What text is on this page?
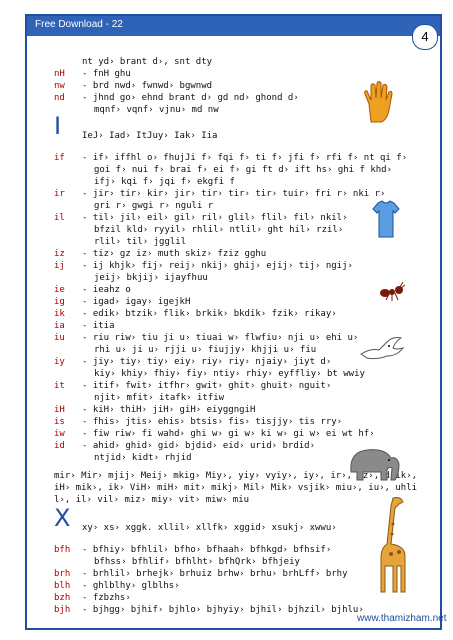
Free Download - 22
4
nt yd› brant d›, snt dty
nH	- fnH ghu
nw	- brd nwd› fwnwd› bgwnwd
nd	- jhnd go› ehnd brant d› gd nd› ghond d›
mqnf› vqnf› vjnu› md nw
I IeJ› Iad› ItJuy› Iak› Iia
if	- if› iffhl o› fhujJi f› fqi f› ti f› jfi f› rfi f› nt qi f›
goi f› nui f› brai f› ei f› gi ft d› ift hs› ghi f khd›
ifj› kqi f› jqi f› ekgfi f
ir	- jir› tir› kir› jir› tir› tir› tir› tuir› fri r› nki r›
gri r› gwgi r› nguli r
il	- til› jil› eil› gil› ril› glil› flil› fil› nkil›
bfzil kld› ryyil› rhlil› ntlil› ght hil› rzil›
rlil› til› jgglil
iz	- tiz› gz iz› muth skiz› fziz gghu
ij	- ij khjk› fij› reij› nkij› ghij› ejij› tij› ngij›
jeij› bkjij› ijayfhuu
ie	- ieahz o
ig	- igad› igay› igejkH
ik	- edik› btzik› flik› brkik› bkdik› fzik› rikay›
ia	- itia
iu	- riu riw› tiu ji u› tiuai w› flwfiu› nji u› ehi u›
rhi u› ji u› rjji u› fiujjy› khjji u› fiu
iy	- jiy› tiy› tiy› eiy› riy› riy› njaiy› jiyt d›
kiy› khiy› fhiy› fiy› ntiy› rhiy› eyffliy› bt wwiy
it	- itif› fwit› itfhr› gwit› ghit› ghuit› nguit›
njit› mfit› itafk› itfiw
iH	- kiH› thiH› jiH› giH› eiyggngiH
is	- fhis› jtis› ehis› btsis› fis› tisjjy› tis rry›
iw	- fiw riw› fi wahd› ghi w› gi w› ki w› gi w› ei wt hf›
id	- ahid› ghid› gid› bjdid› eid› urid› brdid›
ntjid› kidt› rhjid
mir› Mir› mjij› Meij› mkig› Miy›, yiy› vyiy›, iy›, ir›, iz›, diik›, iH› mik›, ik› ViH› miH› mit› mikj› Mil› Mik› vsjik› miu›, iu›, uhlil›, il› vil› miz› miy› vit› miw› miu
X xy› xs› xggk. xllil› xllfk› xggid› xsukj› xwwu›
bfh	- bfhiy› bfhlil› bfho› bfhaah› bfhkgd› bfhsif›
bfhss› bfhlif› bfhlht› bfhQrk› bfhjeiy
brh	- brhlil› brhejk› brhuiz brhw› brhu› brhLff› brhy
blh	- ghlblhy› glblhs›
bzh	- fzbzhs›
bjh	- bjhgg› bjhif› bjhlo› bjhyiy› bjhil› bjhzil› bjhlu›
www.thamizham.net
